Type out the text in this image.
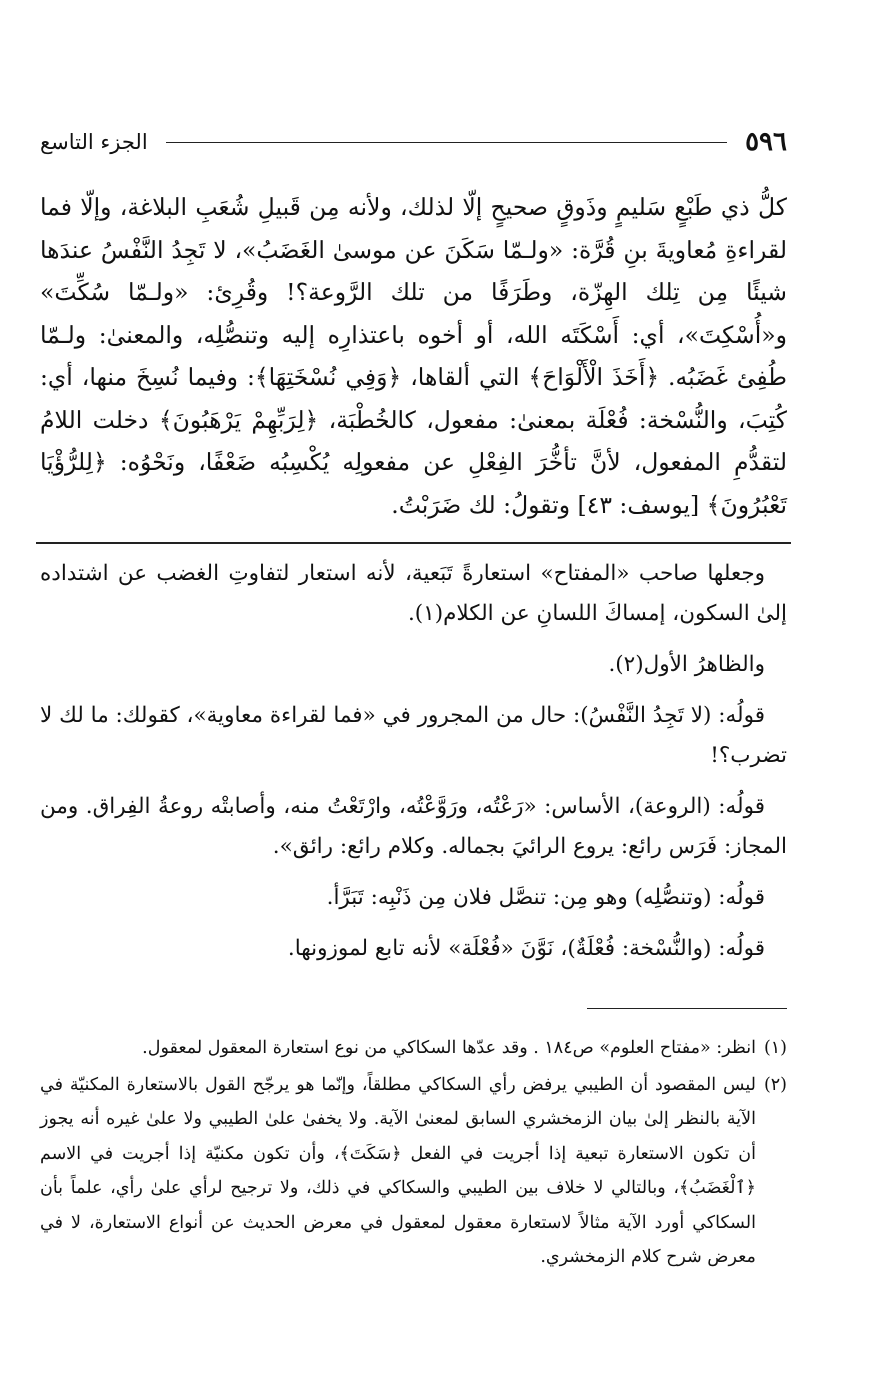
٥٩٦
الجزء التاسع

كلُّ ذي طَبْعٍ سَليمٍ وذَوقٍ صحيحٍ إلّا لذلك، ولأنه مِن قَبيلِ شُعَبِ البلاغة، وإلّا فما لقراءةِ مُعاويةَ بنِ قُرَّة: «ولـمّا سَكَنَ عن موسىٰ الغَضَبُ»، لا تَجِدُ النَّفْسُ عندَها شيئًا مِن تِلك الهِزّة، وطَرَفًا من تلك الرَّوعة؟! وقُرِئ: «ولـمّا سُكِّتَ» و«أُسْكِتَ»، أي: أَسْكَتَه الله، أو أخوه باعتذارِه إليه وتنصُّلِه، والمعنىٰ: ولـمّا طُفِئ غَضَبُه. ﴿أَخَذَ الْأَلْوَاحَ﴾ التي ألقاها، ﴿وَفِي نُسْخَتِهَا﴾: وفيما نُسِخَ منها، أي: كُتِبَ، والنُّسْخة: فُعْلَة بمعنىٰ: مفعول، كالخُطْبَة، ﴿لِرَبِّهِمْ يَرْهَبُونَ﴾ دخلت اللامُ لتقدُّمِ المفعول، لأنَّ تأخُّرَ الفِعْلِ عن مفعولِه يُكْسِبُه ضَعْفًا، ونَحْوُه: ﴿لِلرُّؤْيَا تَعْبُرُونَ﴾ [يوسف: ٤٣] وتقولُ: لك ضَرَبْتُ.

وجعلها صاحب «المفتاح» استعارةً تَبَعية، لأنه استعار لتفاوتِ الغضب عن اشتداده إلىٰ السكون، إمساكَ اللسانِ عن الكلام(١).

والظاهرُ الأول(٢).

قولُه: (لا تَجِدُ النَّفْسُ): حال من المجرور في «فما لقراءة معاوية»، كقولك: ما لك لا تضرب؟!

قولُه: (الروعة)، الأساس: «رَعْتُه، ورَوَّعْتُه، وارْتَعْتُ منه، وأصابتْه روعةُ الفِراق. ومن المجاز: فَرَس رائع: يروع الرائيَ بجماله. وكلام رائع: رائق».

قولُه: (وتنصُّلِه) وهو مِن: تنصَّل فلان مِن ذَنْبِه: تَبَرَّأ.

قولُه: (والنُّسْخة: فُعْلَةٌ)، نَوَّنَ «فُعْلَة» لأنه تابع لموزونها.

(١)
انظر: «مفتاح العلوم» ص١٨٤ . وقد عدّها السكاكي من نوع استعارة المعقول لمعقول.
(٢)
ليس المقصود أن الطيبي يرفض رأي السكاكي مطلقاً، وإنّما هو يرجّح القول بالاستعارة المكنيّة في الآية بالنظر إلىٰ بيان الزمخشري السابق لمعنىٰ الآية. ولا يخفىٰ علىٰ الطيبي ولا علىٰ غيره أنه يجوز أن تكون الاستعارة تبعية إذا أجريت في الفعل ﴿سَكَتَ﴾، وأن تكون مكنيّة إذا أجريت في الاسم ﴿ٱلْغَضَبُ﴾، وبالتالي لا خلاف بين الطيبي والسكاكي في ذلك، ولا ترجيح لرأي علىٰ رأي، علماً بأن السكاكي أورد الآية مثالاً لاستعارة معقول لمعقول في معرض الحديث عن أنواع الاستعارة، لا في معرض شرح كلام الزمخشري.
